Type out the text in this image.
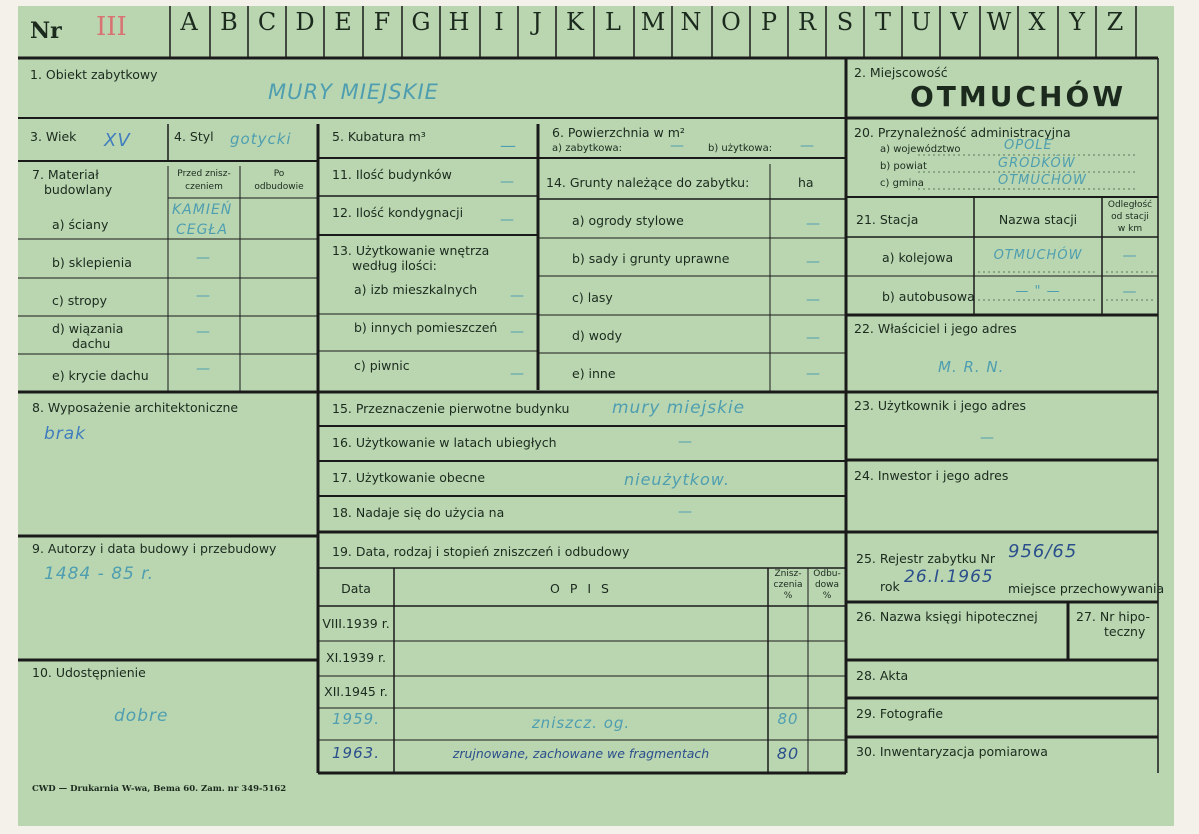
Nr III	A B C D E F G H	I	J	K L M N O P R S T U V W X Y Z
1. Obiekt zabytkowy
MURY MIEJSKIE
2. Miejscowość
OTMUCHÓW
3. Wiek XV	4. Styl gotycki	5. Kubatura m³	—
6. Powierzchnia w m²
a) zabytkowa:	— b) użytkowa: —
7. Materiał
budowlany
Przed znisz-
czeniem
Po
odbudowie
a) ściany
KAMIEŃ
CEGŁA
b) sklepienia	—
c) stropy	—
d) wiązania
dachu
—
e) krycie dachu	—
8. Wyposażenie architektoniczne
brak
9. Autorzy i data budowy i przebudowy
1484 - 85 r.
10. Udostępnienie
dobre
11. Ilość budynków	—
12. Ilość kondygnacji	—
13. Użytkowanie wnętrza
według ilości:
a) izb mieszkalnych —
b) innych pomieszczeń —
c) piwnic
—
14. Grunty należące do zabytku:	ha
a) ogrody stylowe	—
b) sady i grunty uprawne	—
c) lasy	—
d) wody	—
e) inne	—
15. Przeznaczenie pierwotne budynku	mury miejskie
16. Użytkowanie w latach ubiegłych	—
17. Użytkowanie obecne	nieużytkow.
18. Nadaje się do użycia na	—
19. Data, rodzaj i stopień zniszczeń i odbudowy
Data	O P I S
Znisz-
czenia
%
Odbu-
dowa
%
VIII.1939 r.
XI.1939 r.
XII.1945 r.
1959.	zniszcz. og.	80
1963.	zrujnowane, zachowane we fragmentach	80
20. Przynależność administracyjna
a) województwo	OPOLE
b) powiat	GRODKÓW
c) gmina	OTMUCHÓW
21. Stacja	Nazwa stacji
Odległość
od stacji
w km
a) kolejowa	OTMUCHÓW	—
b) autobusowa	— " —	—
22. Właściciel i jego adres
M. R. N.
23. Użytkownik i jego adres
—
24. Inwestor i jego adres
25. Rejestr zabytku Nr 956/65
rok 26.I.1965
miejsce przechowywania
26. Nazwa księgi hipotecznej	27. Nr hipo-
teczny
28. Akta
29. Fotografie
30. Inwentaryzacja pomiarowa
CWD — Drukarnia W-wa, Bema 60. Zam. nr 349-5162
